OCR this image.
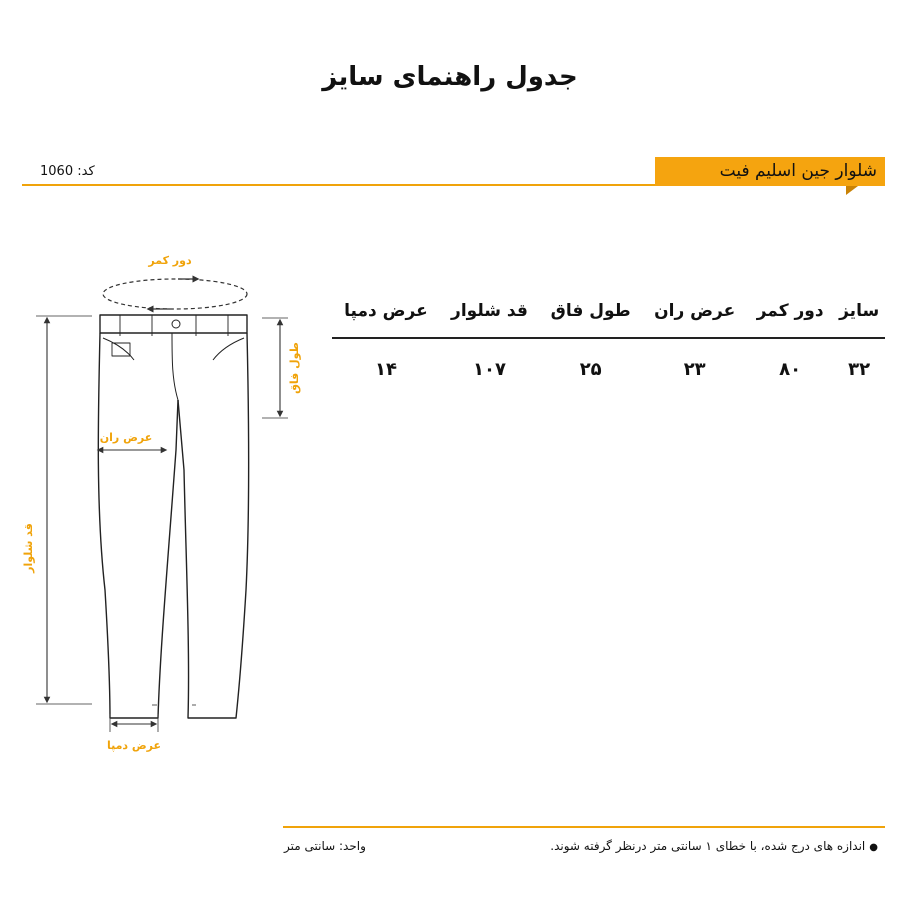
جدول راهنمای سایز
شلوار جین اسلیم فیت
کد: 1060
دور کمر
طول فاق
عرض ران
قد شلوار
عرض دمپا
سایز	دور کمر	عرض ران	طول فاق	قد شلوار	عرض دمپا
۳۲	۸۰	۲۳	۲۵	۱۰۷	۱۴
●اندازه های درج شده، با خطای ۱ سانتی متر درنظر گرفته شوند.
واحد: سانتی متر
